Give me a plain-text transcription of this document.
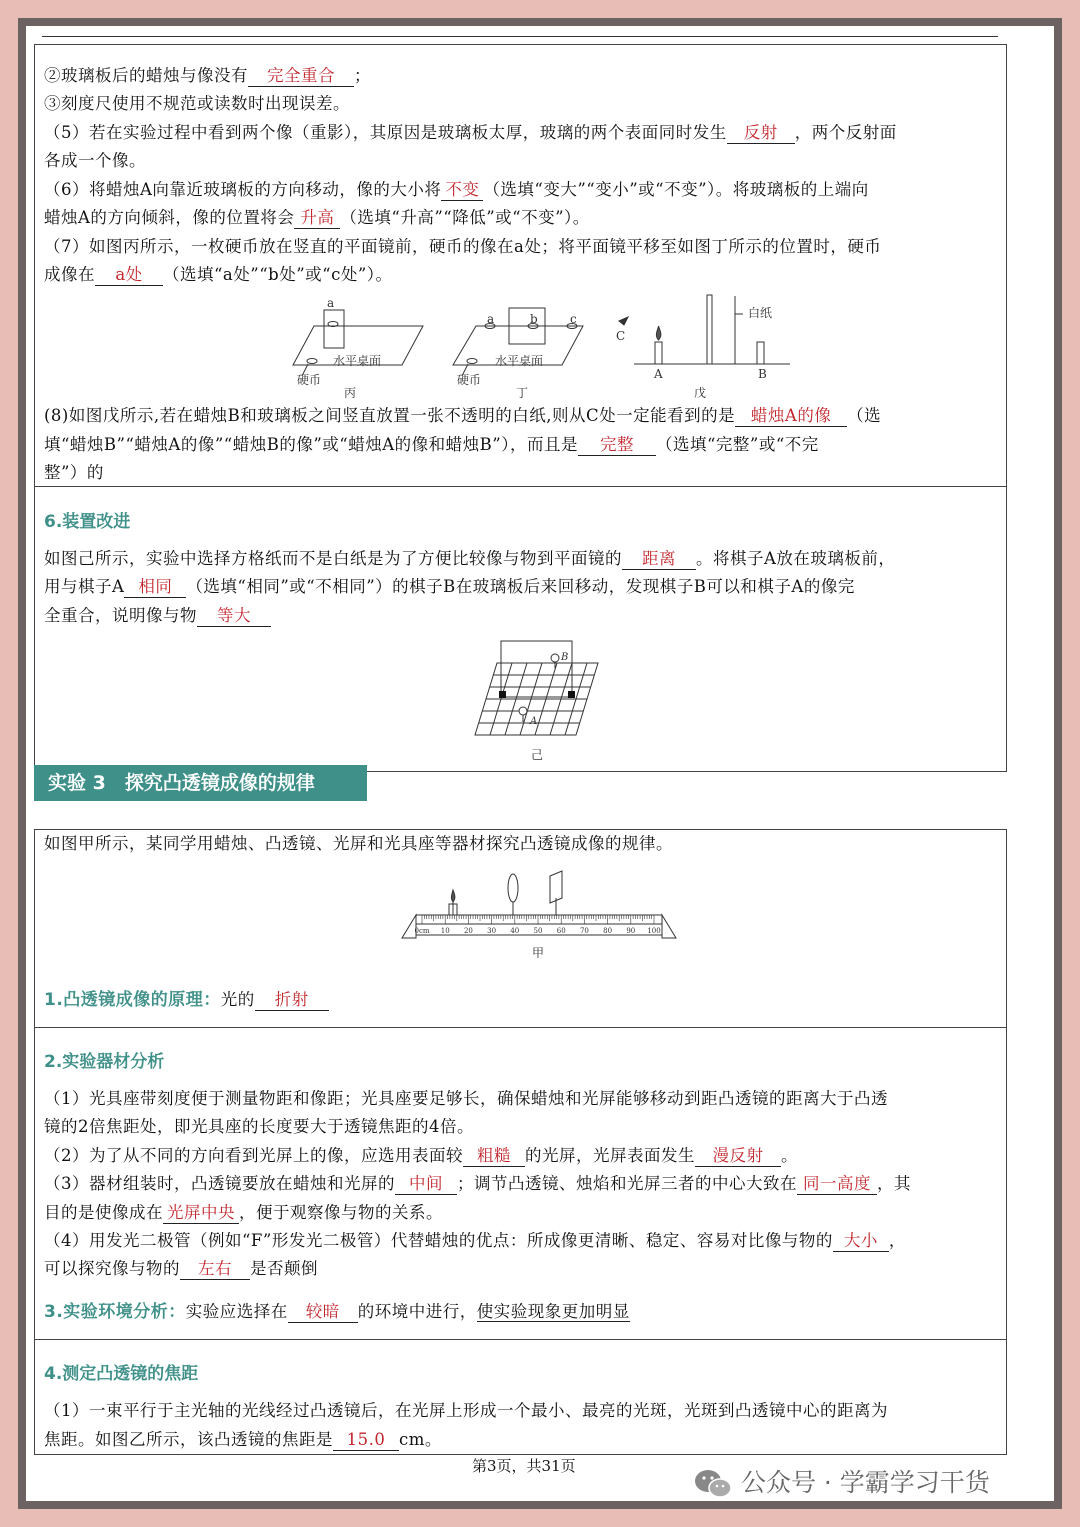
②玻璃板后的蜡烛与像没有 完全重合 ；
③刻度尺使用不规范或读数时出现误差。
（5）若在实验过程中看到两个像（重影），其原因是玻璃板太厚，玻璃的两个表面同时发生 反射 ，两个反射面
各成一个像。
（6）将蜡烛A向靠近玻璃板的方向移动，像的大小将 不变 （选填“变大”“变小”或“不变”）。将玻璃板的上端向
蜡烛A的方向倾斜，像的位置将会 升高 （选填“升高”“降低”或“不变”）。
（7）如图丙所示，一枚硬币放在竖直的平面镜前，硬币的像在a处；将平面镜平移至如图丁所示的位置时，硬币
成像在 a处 （选填“a处”“b处”或“c处”）。
a
水平桌面
硬币
丙
a	b	c
水平桌面
硬币
丁
C
白纸
A	B
戊
(8)如图戊所示,若在蜡烛B和玻璃板之间竖直放置一张不透明的白纸,则从C处一定能看到的是 蜡烛A的像 （选
填“蜡烛B”“蜡烛A的像”“蜡烛B的像”或“蜡烛A的像和蜡烛B”），而且是 完整 （选填“完整”或“不完
整”）的
6.装置改进
如图己所示，实验中选择方格纸而不是白纸是为了方便比较像与物到平面镜的 距离 。将棋子A放在玻璃板前，
用与棋子A 相同 （选填“相同”或“不相同”）的棋子B在玻璃板后来回移动，发现棋子B可以和棋子A的像完
全重合，说明像与物 等大
B
A
己
实验 3　探究凸透镜成像的规律
如图甲所示，某同学用蜡烛、凸透镜、光屏和光具座等器材探究凸透镜成像的规律。
0cm 10 20 30 40 50 60 70 80 90 100
甲
1.凸透镜成像的原理：光的 折射
2.实验器材分析
（1）光具座带刻度便于测量物距和像距；光具座要足够长，确保蜡烛和光屏能够移动到距凸透镜的距离大于凸透
镜的2倍焦距处，即光具座的长度要大于透镜焦距的4倍。
（2）为了从不同的方向看到光屏上的像，应选用表面较 粗糙 的光屏，光屏表面发生 漫反射 。
（3）器材组装时，凸透镜要放在蜡烛和光屏的 中间 ；调节凸透镜、烛焰和光屏三者的中心大致在 同一高度 ，其
目的是使像成在 光屏中央 ，便于观察像与物的关系。
（4）用发光二极管（例如“F”形发光二极管）代替蜡烛的优点：所成像更清晰、稳定、容易对比像与物的 大小 ，
可以探究像与物的 左右 是否颠倒
3.实验环境分析：实验应选择在 较暗 的环境中进行，使实验现象更加明显
4.测定凸透镜的焦距
（1）一束平行于主光轴的光线经过凸透镜后，在光屏上形成一个最小、最亮的光斑，光斑到凸透镜中心的距离为
焦距。如图乙所示，该凸透镜的焦距是 15.0 cm。
第3页，共31页
公众号 · 学霸学习干货
